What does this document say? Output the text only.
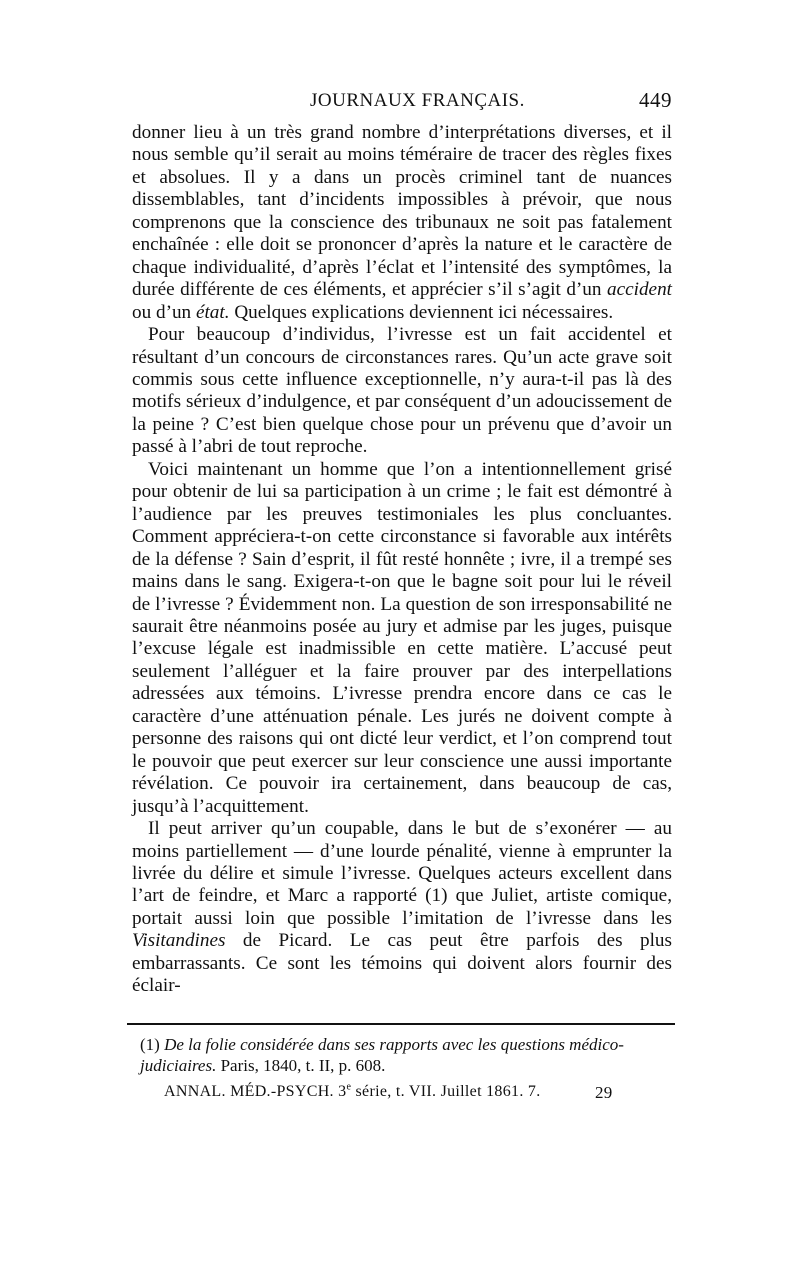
JOURNAUX FRANÇAIS.	449

donner lieu à un très grand nombre d’interprétations diverses, et il nous semble qu’il serait au moins téméraire de tracer des règles fixes et absolues. Il y a dans un procès criminel tant de nuances dissemblables, tant d’incidents impossibles à prévoir, que nous comprenons que la conscience des tribunaux ne soit pas fatalement enchaînée : elle doit se prononcer d’après la nature et le caractère de chaque individualité, d’après l’éclat et l’intensité des symptômes, la durée différente de ces éléments, et apprécier s’il s’agit d’un accident ou d’un état. Quelques explications deviennent ici nécessaires.

Pour beaucoup d’individus, l’ivresse est un fait accidentel et résultant d’un concours de circonstances rares. Qu’un acte grave soit commis sous cette influence exceptionnelle, n’y aura-t-il pas là des motifs sérieux d’indulgence, et par conséquent d’un adoucissement de la peine ? C’est bien quelque chose pour un prévenu que d’avoir un passé à l’abri de tout reproche.

Voici maintenant un homme que l’on a intentionnellement grisé pour obtenir de lui sa participation à un crime ; le fait est démontré à l’audience par les preuves testimoniales les plus concluantes. Comment appréciera-t-on cette circonstance si favorable aux intérêts de la défense ? Sain d’esprit, il fût resté honnête ; ivre, il a trempé ses mains dans le sang. Exigera-t-on que le bagne soit pour lui le réveil de l’ivresse ? Évidemment non. La question de son irresponsabilité ne saurait être néanmoins posée au jury et admise par les juges, puisque l’excuse légale est inadmissible en cette matière. L’accusé peut seulement l’alléguer et la faire prouver par des interpellations adressées aux témoins. L’ivresse prendra encore dans ce cas le caractère d’une atténuation pénale. Les jurés ne doivent compte à personne des raisons qui ont dicté leur verdict, et l’on comprend tout le pouvoir que peut exercer sur leur conscience une aussi importante révélation. Ce pouvoir ira certainement, dans beaucoup de cas, jusqu’à l’acquittement.

Il peut arriver qu’un coupable, dans le but de s’exonérer — au moins partiellement — d’une lourde pénalité, vienne à emprunter la livrée du délire et simule l’ivresse. Quelques acteurs excellent dans l’art de feindre, et Marc a rapporté (1) que Juliet, artiste comique, portait aussi loin que possible l’imitation de l’ivresse dans les Visitandines de Picard. Le cas peut être parfois des plus embarrassants. Ce sont les témoins qui doivent alors fournir des éclair-

(1) De la folie considérée dans ses rapports avec les questions médico-judiciaires. Paris, 1840, t. II, p. 608.

ANNAL. MÉD.-PSYCH. 3e série, t. VII. Juillet 1861. 7.	29
